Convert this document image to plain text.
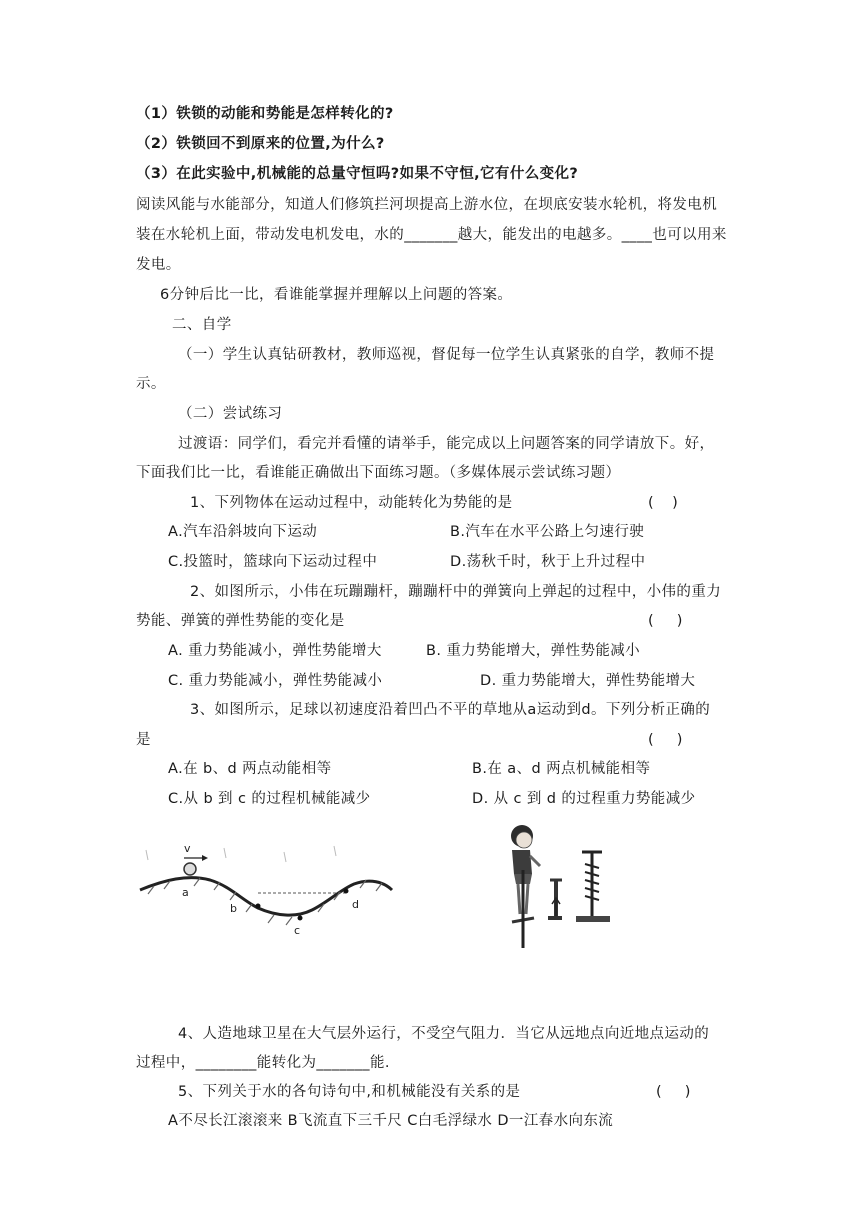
（1）铁锁的动能和势能是怎样转化的?
（2）铁锁回不到原来的位置,为什么?
（3）在此实验中,机械能的总量守恒吗?如果不守恒,它有什么变化?
阅读风能与水能部分，知道人们修筑拦河坝提高上游水位，在坝底安装水轮机，将发电机
装在水轮机上面，带动发电机发电，水的_______越大，能发出的电越多。____也可以用来
发电。
6分钟后比一比，看谁能掌握并理解以上问题的答案。
二、自学
（一）学生认真钻研教材，教师巡视，督促每一位学生认真紧张的自学，教师不提
示。
（二）尝试练习
过渡语：同学们，看完并看懂的请举手，能完成以上问题答案的同学请放下。好，
下面我们比一比，看谁能正确做出下面练习题。（多媒体展示尝试练习题）
1、下列物体在运动过程中，动能转化为势能的是	(    )
A.汽车沿斜坡向下运动	B.汽车在水平公路上匀速行驶
C.投篮时，篮球向下运动过程中	D.荡秋千时，秋于上升过程中
2、如图所示，小伟在玩蹦蹦杆，蹦蹦杆中的弹簧向上弹起的过程中，小伟的重力
势能、弹簧的弹性势能的变化是	(     )
A. 重力势能减小，弹性势能增大	B. 重力势能增大，弹性势能减小
C. 重力势能减小，弹性势能减小	D. 重力势能增大，弹性势能增大
3、如图所示，足球以初速度沿着凹凸不平的草地从a运动到d。下列分析正确的
是	(     )
A.在 b、d 两点动能相等	B.在 a、d 两点机械能相等
C.从 b 到 c 的过程机械能减少	D. 从 c 到 d 的过程重力势能减少
v
a
b
c
d
4、人造地球卫星在大气层外运行，不受空气阻力．当它从远地点向近地点运动的
过程中，________能转化为_______能.
5、下列关于水的各句诗句中,和机械能没有关系的是	(     )
A不尽长江滚滚来 B飞流直下三千尺 C白毛浮绿水 D一江春水向东流
